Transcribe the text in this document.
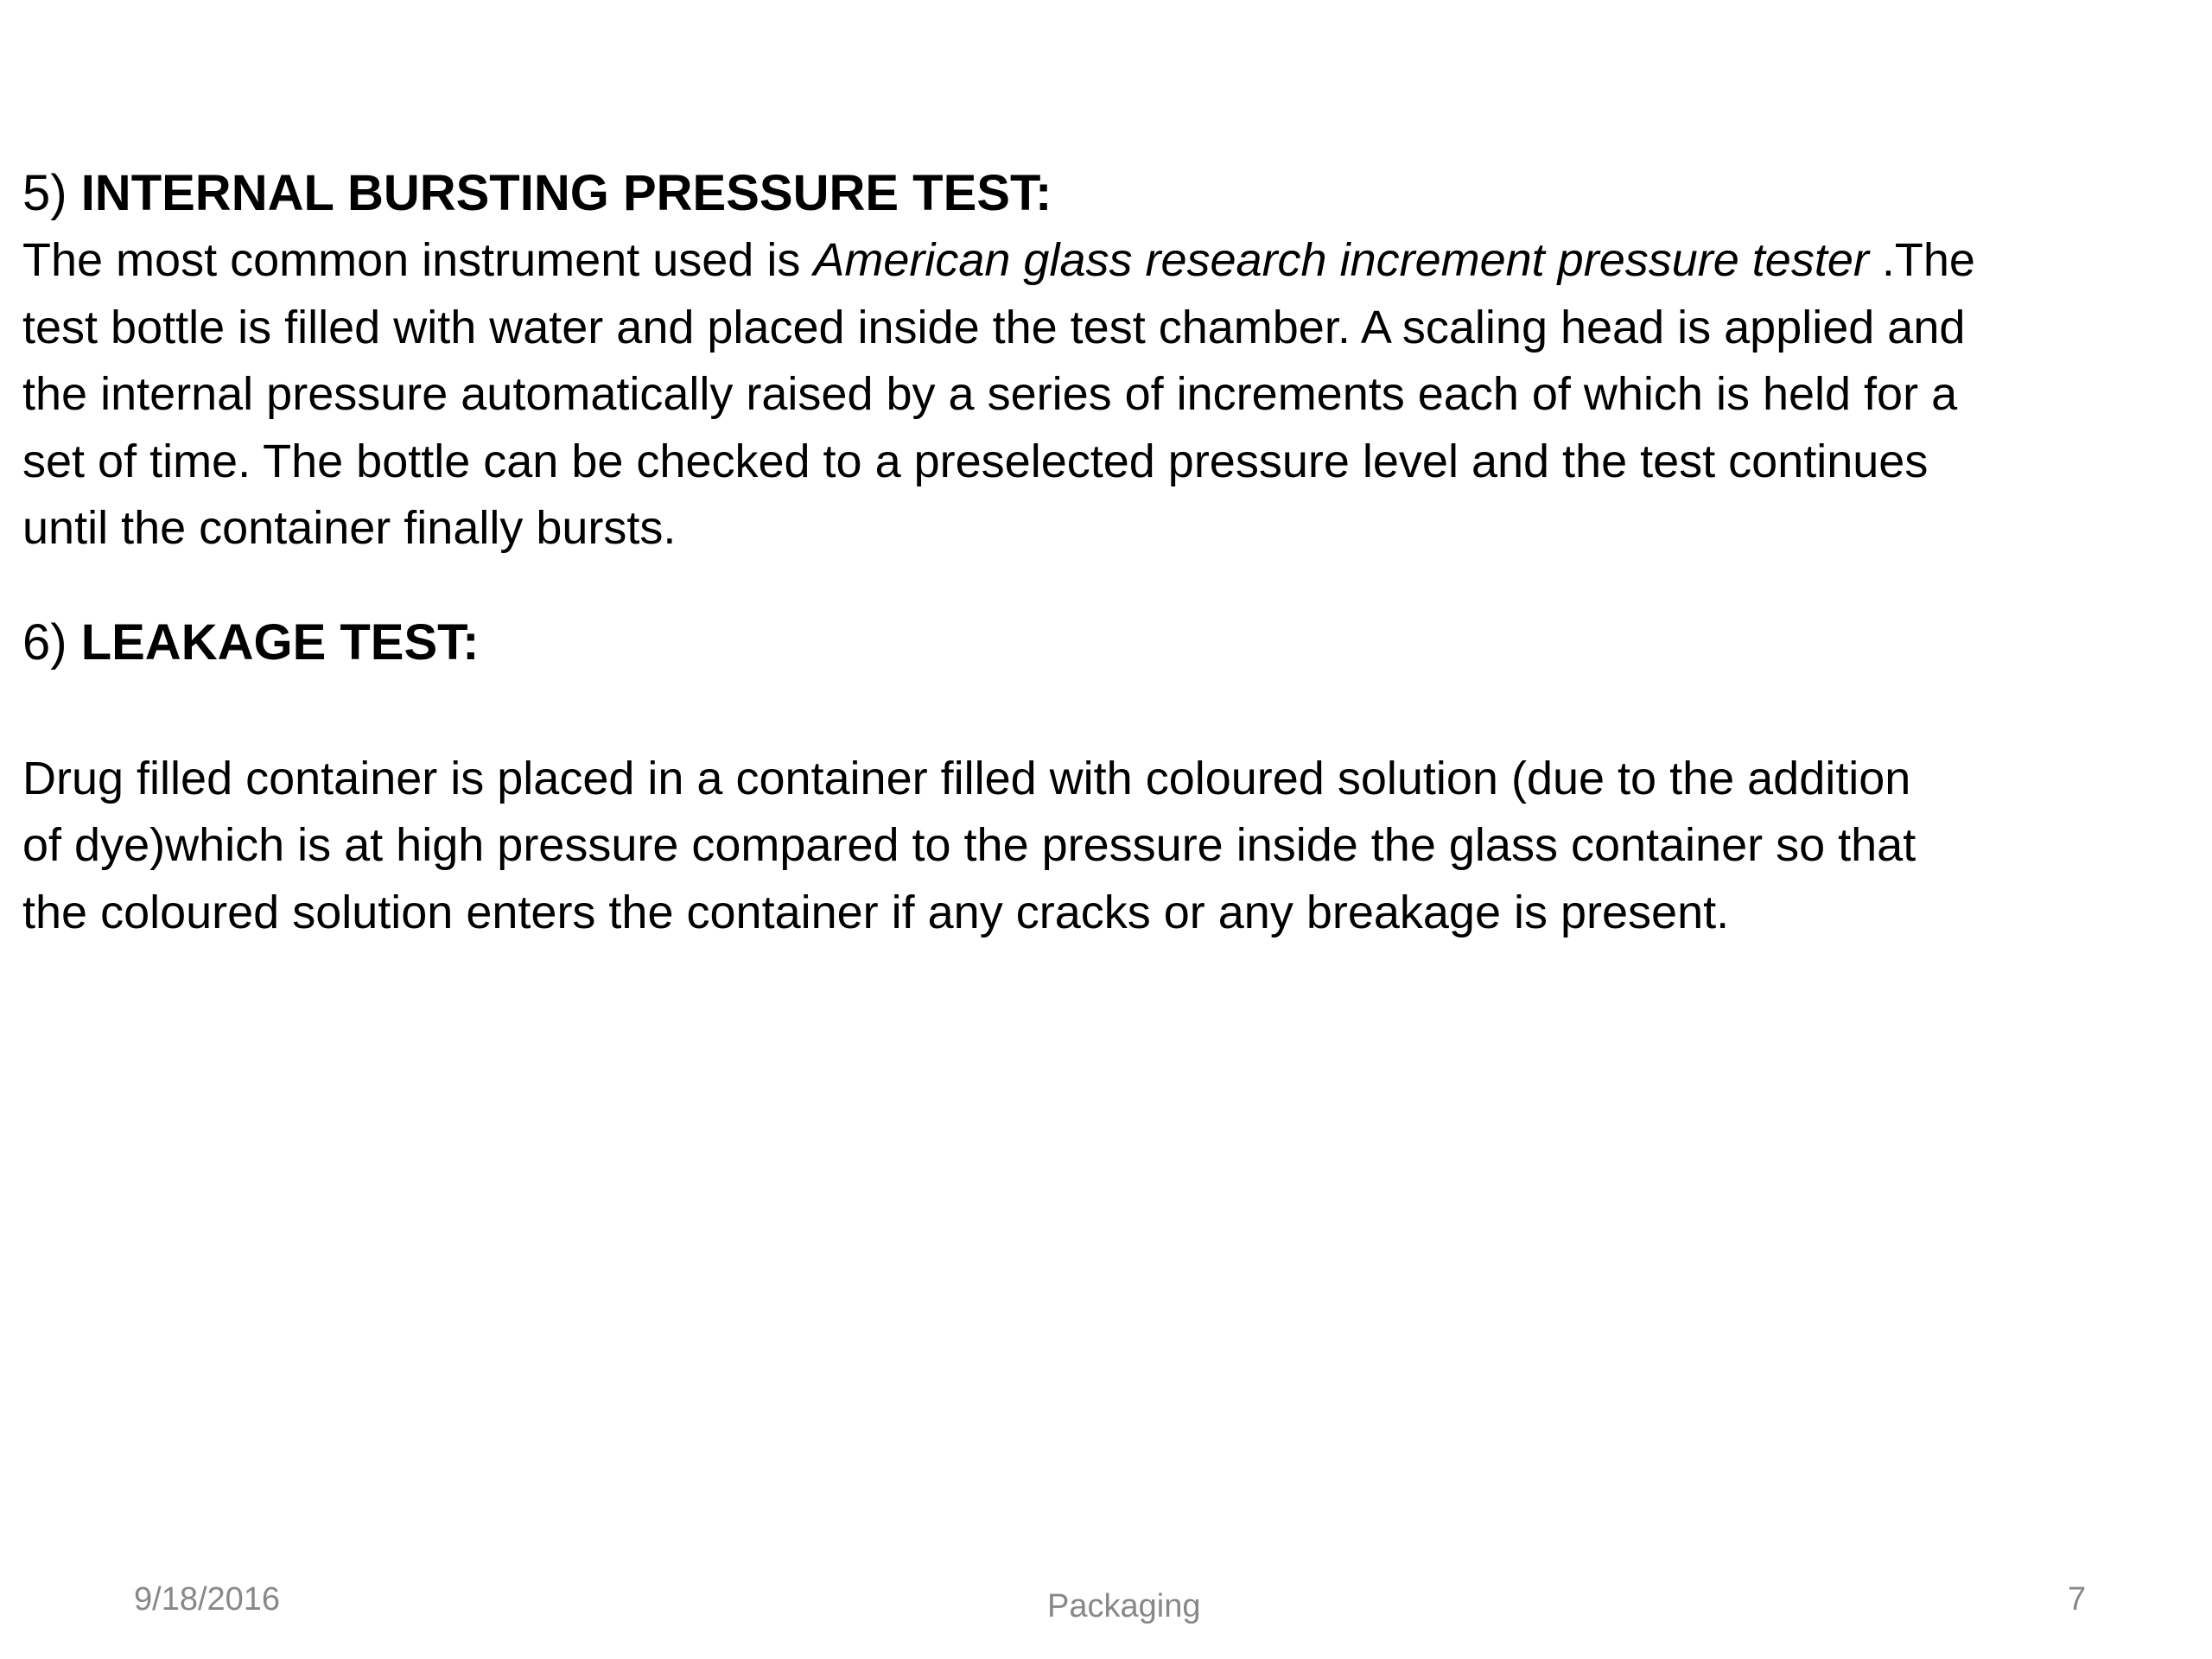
5) INTERNAL BURSTING PRESSURE TEST:

The most common instrument used is American glass research increment pressure tester .The
test bottle is filled with water and placed inside the test chamber. A scaling head is applied and
the internal pressure automatically raised by a series of increments each of which is held for a
set of time. The bottle can be checked to a preselected pressure level and the test continues
until the container finally bursts.

6) LEAKAGE TEST:

Drug filled container is placed in a container filled with coloured solution (due to the addition
of dye)which is at high pressure compared to the pressure inside the glass container so that
the coloured solution enters the container if any cracks or any breakage is present.

9/18/2016	Packaging	7
